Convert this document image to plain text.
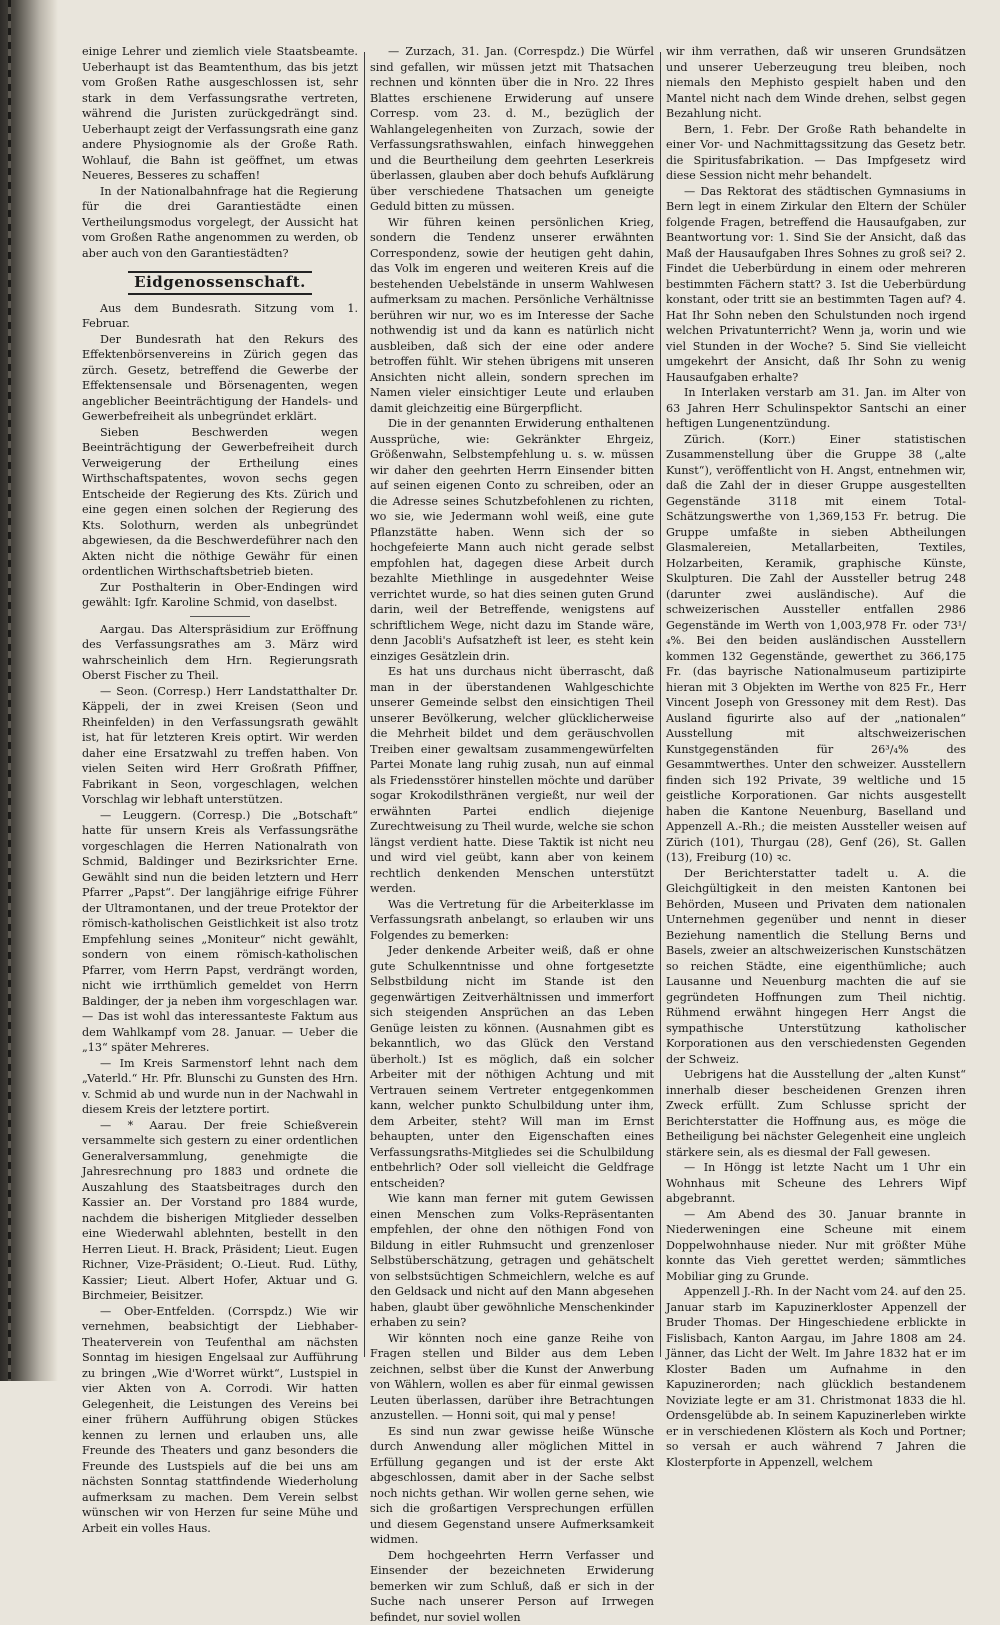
einige Lehrer und ziemlich viele Staatsbeamte. Ueberhaupt ist das Beamtenthum, das bis jetzt vom Großen Rathe ausgeschlossen ist, sehr stark in dem Verfassungsrathe vertreten, während die Juristen zurückgedrängt sind. Ueberhaupt zeigt der Verfassungsrath eine ganz andere Physiognomie als der Große Rath. Wohlauf, die Bahn ist geöffnet, um etwas Neueres, Besseres zu schaffen!

In der Nationalbahnfrage hat die Regierung für die drei Garantiestädte einen Vertheilungsmodus vorgelegt, der Aussicht hat vom Großen Rathe angenommen zu werden, ob aber auch von den Garantiestädten?

Eidgenossenschaft.

Aus dem Bundesrath. Sitzung vom 1. Februar.

Der Bundesrath hat den Rekurs des Effektenbörsenvereins in Zürich gegen das zürch. Gesetz, betreffend die Gewerbe der Effektensensale und Börsenagenten, wegen angeblicher Beeinträchtigung der Handels- und Gewerbefreiheit als unbegründet erklärt.

Sieben Beschwerden wegen Beeinträchtigung der Gewerbefreiheit durch Verweigerung der Ertheilung eines Wirthschaftspatentes, wovon sechs gegen Entscheide der Regierung des Kts. Zürich und eine gegen einen solchen der Regierung des Kts. Solothurn, werden als unbegründet abgewiesen, da die Beschwerdeführer nach den Akten nicht die nöthige Gewähr für einen ordentlichen Wirthschaftsbetrieb bieten.

Zur Posthalterin in Ober-Endingen wird gewählt: Igfr. Karoline Schmid, von daselbst.

Aargau. Das Alterspräsidium zur Eröffnung des Verfassungsrathes am 3. März wird wahrscheinlich dem Hrn. Regierungsrath Oberst Fischer zu Theil.

— Seon. (Corresp.) Herr Landstatthalter Dr. Käppeli, der in zwei Kreisen (Seon und Rheinfelden) in den Verfassungsrath gewählt ist, hat für letzteren Kreis optirt. Wir werden daher eine Ersatzwahl zu treffen haben. Von vielen Seiten wird Herr Großrath Pfiffner, Fabrikant in Seon, vorgeschlagen, welchen Vorschlag wir lebhaft unterstützen.

— Leuggern. (Corresp.) Die „Botschaft“ hatte für unsern Kreis als Verfassungsräthe vorgeschlagen die Herren Nationalrath von Schmid, Baldinger und Bezirksrichter Erne. Gewählt sind nun die beiden letztern und Herr Pfarrer „Papst“. Der langjährige eifrige Führer der Ultramontanen, und der treue Protektor der römisch-katholischen Geistlichkeit ist also trotz Empfehlung seines „Moniteur“ nicht gewählt, sondern von einem römisch-katholischen Pfarrer, vom Herrn Papst, verdrängt worden, nicht wie irrthümlich gemeldet von Herrn Baldinger, der ja neben ihm vorgeschlagen war. — Das ist wohl das interessanteste Faktum aus dem Wahlkampf vom 28. Januar. — Ueber die „13“ später Mehreres.

— Im Kreis Sarmenstorf lehnt nach dem „Vaterld.“ Hr. Pfr. Blunschi zu Gunsten des Hrn. v. Schmid ab und wurde nun in der Nachwahl in diesem Kreis der letztere portirt.

— * Aarau. Der freie Schießverein versammelte sich gestern zu einer ordentlichen Generalversammlung, genehmigte die Jahresrechnung pro 1883 und ordnete die Auszahlung des Staatsbeitrages durch den Kassier an. Der Vorstand pro 1884 wurde, nachdem die bisherigen Mitglieder desselben eine Wiederwahl ablehnten, bestellt in den Herren Lieut. H. Brack, Präsident; Lieut. Eugen Richner, Vize-Präsident; O.-Lieut. Rud. Lüthy, Kassier; Lieut. Albert Hofer, Aktuar und G. Birchmeier, Beisitzer.

— Ober-Entfelden. (Corrspdz.) Wie wir vernehmen, beabsichtigt der Liebhaber-Theaterverein von Teufenthal am nächsten Sonntag im hiesigen Engelsaal zur Aufführung zu bringen „Wie d'Worret würkt“, Lustspiel in vier Akten von A. Corrodi. Wir hatten Gelegenheit, die Leistungen des Vereins bei einer frühern Aufführung obigen Stückes kennen zu lernen und erlauben uns, alle Freunde des Theaters und ganz besonders die Freunde des Lustspiels auf die bei uns am nächsten Sonntag stattfindende Wiederholung aufmerksam zu machen. Dem Verein selbst wünschen wir von Herzen fur seine Mühe und Arbeit ein volles Haus.

— Zurzach, 31. Jan. (Correspdz.) Die Würfel sind gefallen, wir müssen jetzt mit Thatsachen rechnen und könnten über die in Nro. 22 Ihres Blattes erschienene Erwiderung auf unsere Corresp. vom 23. d. M., bezüglich der Wahlangelegenheiten von Zurzach, sowie der Verfassungsrathswahlen, einfach hinweggehen und die Beurtheilung dem geehrten Leserkreis überlassen, glauben aber doch behufs Aufklärung über verschiedene Thatsachen um geneigte Geduld bitten zu müssen.

Wir führen keinen persönlichen Krieg, sondern die Tendenz unserer erwähnten Correspondenz, sowie der heutigen geht dahin, das Volk im engeren und weiteren Kreis auf die bestehenden Uebelstände in unserm Wahlwesen aufmerksam zu machen. Persönliche Verhältnisse berühren wir nur, wo es im Interesse der Sache nothwendig ist und da kann es natürlich nicht ausbleiben, daß sich der eine oder andere betroffen fühlt. Wir stehen übrigens mit unseren Ansichten nicht allein, sondern sprechen im Namen vieler einsichtiger Leute und erlauben damit gleichzeitig eine Bürgerpflicht.

Die in der genannten Erwiderung enthaltenen Aussprüche, wie: Gekränkter Ehrgeiz, Größenwahn, Selbstempfehlung u. s. w. müssen wir daher den geehrten Herrn Einsender bitten auf seinen eigenen Conto zu schreiben, oder an die Adresse seines Schutzbefohlenen zu richten, wo sie, wie Jedermann wohl weiß, eine gute Pflanzstätte haben. Wenn sich der so hochgefeierte Mann auch nicht gerade selbst empfohlen hat, dagegen diese Arbeit durch bezahlte Miethlinge in ausgedehnter Weise verrichtet wurde, so hat dies seinen guten Grund darin, weil der Betreffende, wenigstens auf schriftlichem Wege, nicht dazu im Stande wäre, denn Jacobli's Aufsatzheft ist leer, es steht kein einziges Gesätzlein drin.

Es hat uns durchaus nicht überrascht, daß man in der überstandenen Wahlgeschichte unserer Gemeinde selbst den einsichtigen Theil unserer Bevölkerung, welcher glücklicherweise die Mehrheit bildet und dem geräuschvollen Treiben einer gewaltsam zusammengewürfelten Partei Monate lang ruhig zusah, nun auf einmal als Friedensstörer hinstellen möchte und darüber sogar Krokodilsthränen vergießt, nur weil der erwähnten Partei endlich diejenige Zurechtweisung zu Theil wurde, welche sie schon längst verdient hatte. Diese Taktik ist nicht neu und wird viel geübt, kann aber von keinem rechtlich denkenden Menschen unterstützt werden.

Was die Vertretung für die Arbeiterklasse im Verfassungsrath anbelangt, so erlauben wir uns Folgendes zu bemerken:

Jeder denkende Arbeiter weiß, daß er ohne gute Schulkenntnisse und ohne fortgesetzte Selbstbildung nicht im Stande ist den gegenwärtigen Zeitverhältnissen und immerfort sich steigenden Ansprüchen an das Leben Genüge leisten zu können. (Ausnahmen gibt es bekanntlich, wo das Glück den Verstand überholt.) Ist es möglich, daß ein solcher Arbeiter mit der nöthigen Achtung und mit Vertrauen seinem Vertreter entgegenkommen kann, welcher punkto Schulbildung unter ihm, dem Arbeiter, steht? Will man im Ernst behaupten, unter den Eigenschaften eines Verfassungsraths-Mitgliedes sei die Schulbildung entbehrlich? Oder soll vielleicht die Geldfrage entscheiden?

Wie kann man ferner mit gutem Gewissen einen Menschen zum Volks-Repräsentanten empfehlen, der ohne den nöthigen Fond von Bildung in eitler Ruhmsucht und grenzenloser Selbstüberschätzung, getragen und gehätschelt von selbstsüchtigen Schmeichlern, welche es auf den Geldsack und nicht auf den Mann abgesehen haben, glaubt über gewöhnliche Menschenkinder erhaben zu sein?

Wir könnten noch eine ganze Reihe von Fragen stellen und Bilder aus dem Leben zeichnen, selbst über die Kunst der Anwerbung von Wählern, wollen es aber für einmal gewissen Leuten überlassen, darüber ihre Betrachtungen anzustellen. — Honni soit, qui mal y pense!

Es sind nun zwar gewisse heiße Wünsche durch Anwendung aller möglichen Mittel in Erfüllung gegangen und ist der erste Akt abgeschlossen, damit aber in der Sache selbst noch nichts gethan. Wir wollen gerne sehen, wie sich die großartigen Versprechungen erfüllen und diesem Gegenstand unsere Aufmerksamkeit widmen.

Dem hochgeehrten Herrn Verfasser und Einsender der bezeichneten Erwiderung bemerken wir zum Schluß, daß er sich in der Suche nach unserer Person auf Irrwegen befindet, nur soviel wollen

wir ihm verrathen, daß wir unseren Grundsätzen und unserer Ueberzeugung treu bleiben, noch niemals den Mephisto gespielt haben und den Mantel nicht nach dem Winde drehen, selbst gegen Bezahlung nicht.

Bern, 1. Febr. Der Große Rath behandelte in einer Vor- und Nachmittagssitzung das Gesetz betr. die Spiritusfabrikation. — Das Impfgesetz wird diese Session nicht mehr behandelt.

— Das Rektorat des städtischen Gymnasiums in Bern legt in einem Zirkular den Eltern der Schüler folgende Fragen, betreffend die Hausaufgaben, zur Beantwortung vor: 1. Sind Sie der Ansicht, daß das Maß der Hausaufgaben Ihres Sohnes zu groß sei? 2. Findet die Ueberbürdung in einem oder mehreren bestimmten Fächern statt? 3. Ist die Ueberbürdung konstant, oder tritt sie an bestimmten Tagen auf? 4. Hat Ihr Sohn neben den Schulstunden noch irgend welchen Privatunterricht? Wenn ja, worin und wie viel Stunden in der Woche? 5. Sind Sie vielleicht umgekehrt der Ansicht, daß Ihr Sohn zu wenig Hausaufgaben erhalte?

In Interlaken verstarb am 31. Jan. im Alter von 63 Jahren Herr Schulinspektor Santschi an einer heftigen Lungenentzündung.

Zürich. (Korr.) Einer statistischen Zusammenstellung über die Gruppe 38 („alte Kunst“), veröffentlicht von H. Angst, entnehmen wir, daß die Zahl der in dieser Gruppe ausgestellten Gegenstände 3118 mit einem Total-Schätzungswerthe von 1,369,153 Fr. betrug. Die Gruppe umfaßte in sieben Abtheilungen Glasmalereien, Metallarbeiten, Textiles, Holzarbeiten, Keramik, graphische Künste, Skulpturen. Die Zahl der Aussteller betrug 248 (darunter zwei ausländische). Auf die schweizerischen Aussteller entfallen 2986 Gegenstände im Werth von 1,003,978 Fr. oder 73¹/₄%. Bei den beiden ausländischen Ausstellern kommen 132 Gegenstände, gewerthet zu 366,175 Fr. (das bayrische Nationalmuseum partizipirte hieran mit 3 Objekten im Werthe von 825 Fr., Herr Vincent Joseph von Gressoney mit dem Rest). Das Ausland figurirte also auf der „nationalen“ Ausstellung mit altschweizerischen Kunstgegenständen für 26³/₄% des Gesammtwerthes. Unter den schweizer. Ausstellern finden sich 192 Private, 39 weltliche und 15 geistliche Korporationen. Gar nichts ausgestellt haben die Kantone Neuenburg, Baselland und Appenzell A.-Rh.; die meisten Aussteller weisen auf Zürich (101), Thurgau (28), Genf (26), St. Gallen (13), Freiburg (10) ꝛc.

Der Berichterstatter tadelt u. A. die Gleichgültigkeit in den meisten Kantonen bei Behörden, Museen und Privaten dem nationalen Unternehmen gegenüber und nennt in dieser Beziehung namentlich die Stellung Berns und Basels, zweier an altschweizerischen Kunstschätzen so reichen Städte, eine eigenthümliche; auch Lausanne und Neuenburg machten die auf sie gegründeten Hoffnungen zum Theil nichtig. Rühmend erwähnt hingegen Herr Angst die sympathische Unterstützung katholischer Korporationen aus den verschiedensten Gegenden der Schweiz.

Uebrigens hat die Ausstellung der „alten Kunst“ innerhalb dieser bescheidenen Grenzen ihren Zweck erfüllt. Zum Schlusse spricht der Berichterstatter die Hoffnung aus, es möge die Betheiligung bei nächster Gelegenheit eine ungleich stärkere sein, als es diesmal der Fall gewesen.

— In Höngg ist letzte Nacht um 1 Uhr ein Wohnhaus mit Scheune des Lehrers Wipf abgebrannt.

— Am Abend des 30. Januar brannte in Niederweningen eine Scheune mit einem Doppelwohnhause nieder. Nur mit größter Mühe konnte das Vieh gerettet werden; sämmtliches Mobiliar ging zu Grunde.

Appenzell J.-Rh. In der Nacht vom 24. auf den 25. Januar starb im Kapuzinerkloster Appenzell der Bruder Thomas. Der Hingeschiedene erblickte in Fislisbach, Kanton Aargau, im Jahre 1808 am 24. Jänner, das Licht der Welt. Im Jahre 1832 hat er im Kloster Baden um Aufnahme in den Kapuzinerorden; nach glücklich bestandenem Noviziate legte er am 31. Christmonat 1833 die hl. Ordensgelübde ab. In seinem Kapuzinerleben wirkte er in verschiedenen Klöstern als Koch und Portner; so versah er auch während 7 Jahren die Klosterpforte in Appenzell, welchem
